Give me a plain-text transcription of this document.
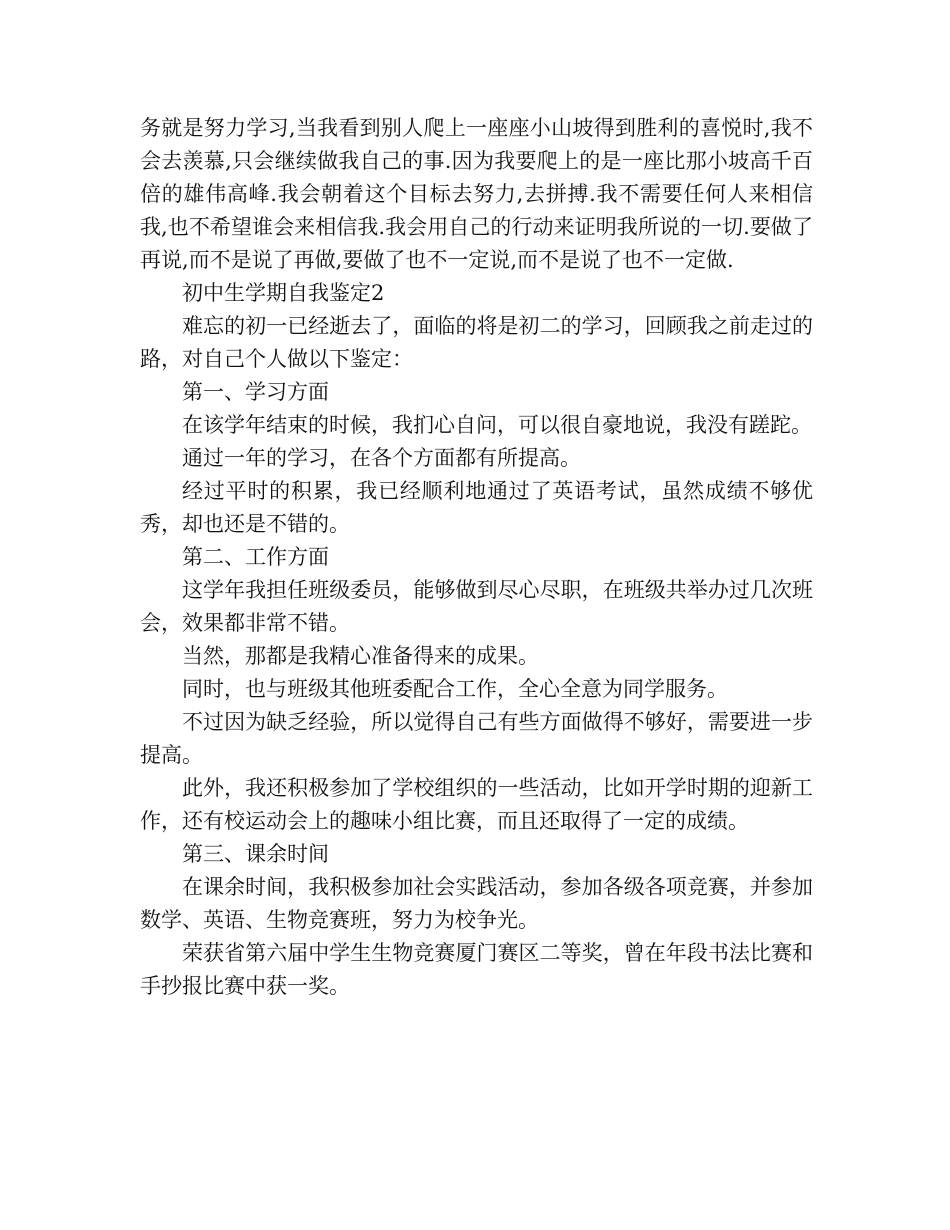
务就是努力学习,当我看到别人爬上一座座小山坡得到胜利的喜悦时,我不会去羡慕,只会继续做我自己的事.因为我要爬上的是一座比那小坡高千百倍的雄伟高峰.我会朝着这个目标去努力,去拼搏.我不需要任何人来相信我,也不希望谁会来相信我.我会用自己的行动来证明我所说的一切.要做了再说,而不是说了再做,要做了也不一定说,而不是说了也不一定做.

初中生学期自我鉴定2

难忘的初一已经逝去了，面临的将是初二的学习，回顾我之前走过的路，对自己个人做以下鉴定：

第一、学习方面

在该学年结束的时候，我扪心自问，可以很自豪地说，我没有蹉跎。

通过一年的学习，在各个方面都有所提高。

经过平时的积累，我已经顺利地通过了英语考试，虽然成绩不够优秀，却也还是不错的。

第二、工作方面

这学年我担任班级委员，能够做到尽心尽职，在班级共举办过几次班会，效果都非常不错。

当然，那都是我精心准备得来的成果。

同时，也与班级其他班委配合工作，全心全意为同学服务。

不过因为缺乏经验，所以觉得自己有些方面做得不够好，需要进一步提高。

此外，我还积极参加了学校组织的一些活动，比如开学时期的迎新工作，还有校运动会上的趣味小组比赛，而且还取得了一定的成绩。

第三、课余时间

在课余时间，我积极参加社会实践活动，参加各级各项竞赛，并参加数学、英语、生物竞赛班，努力为校争光。

荣获省第六届中学生生物竞赛厦门赛区二等奖，曾在年段书法比赛和手抄报比赛中获一奖。
